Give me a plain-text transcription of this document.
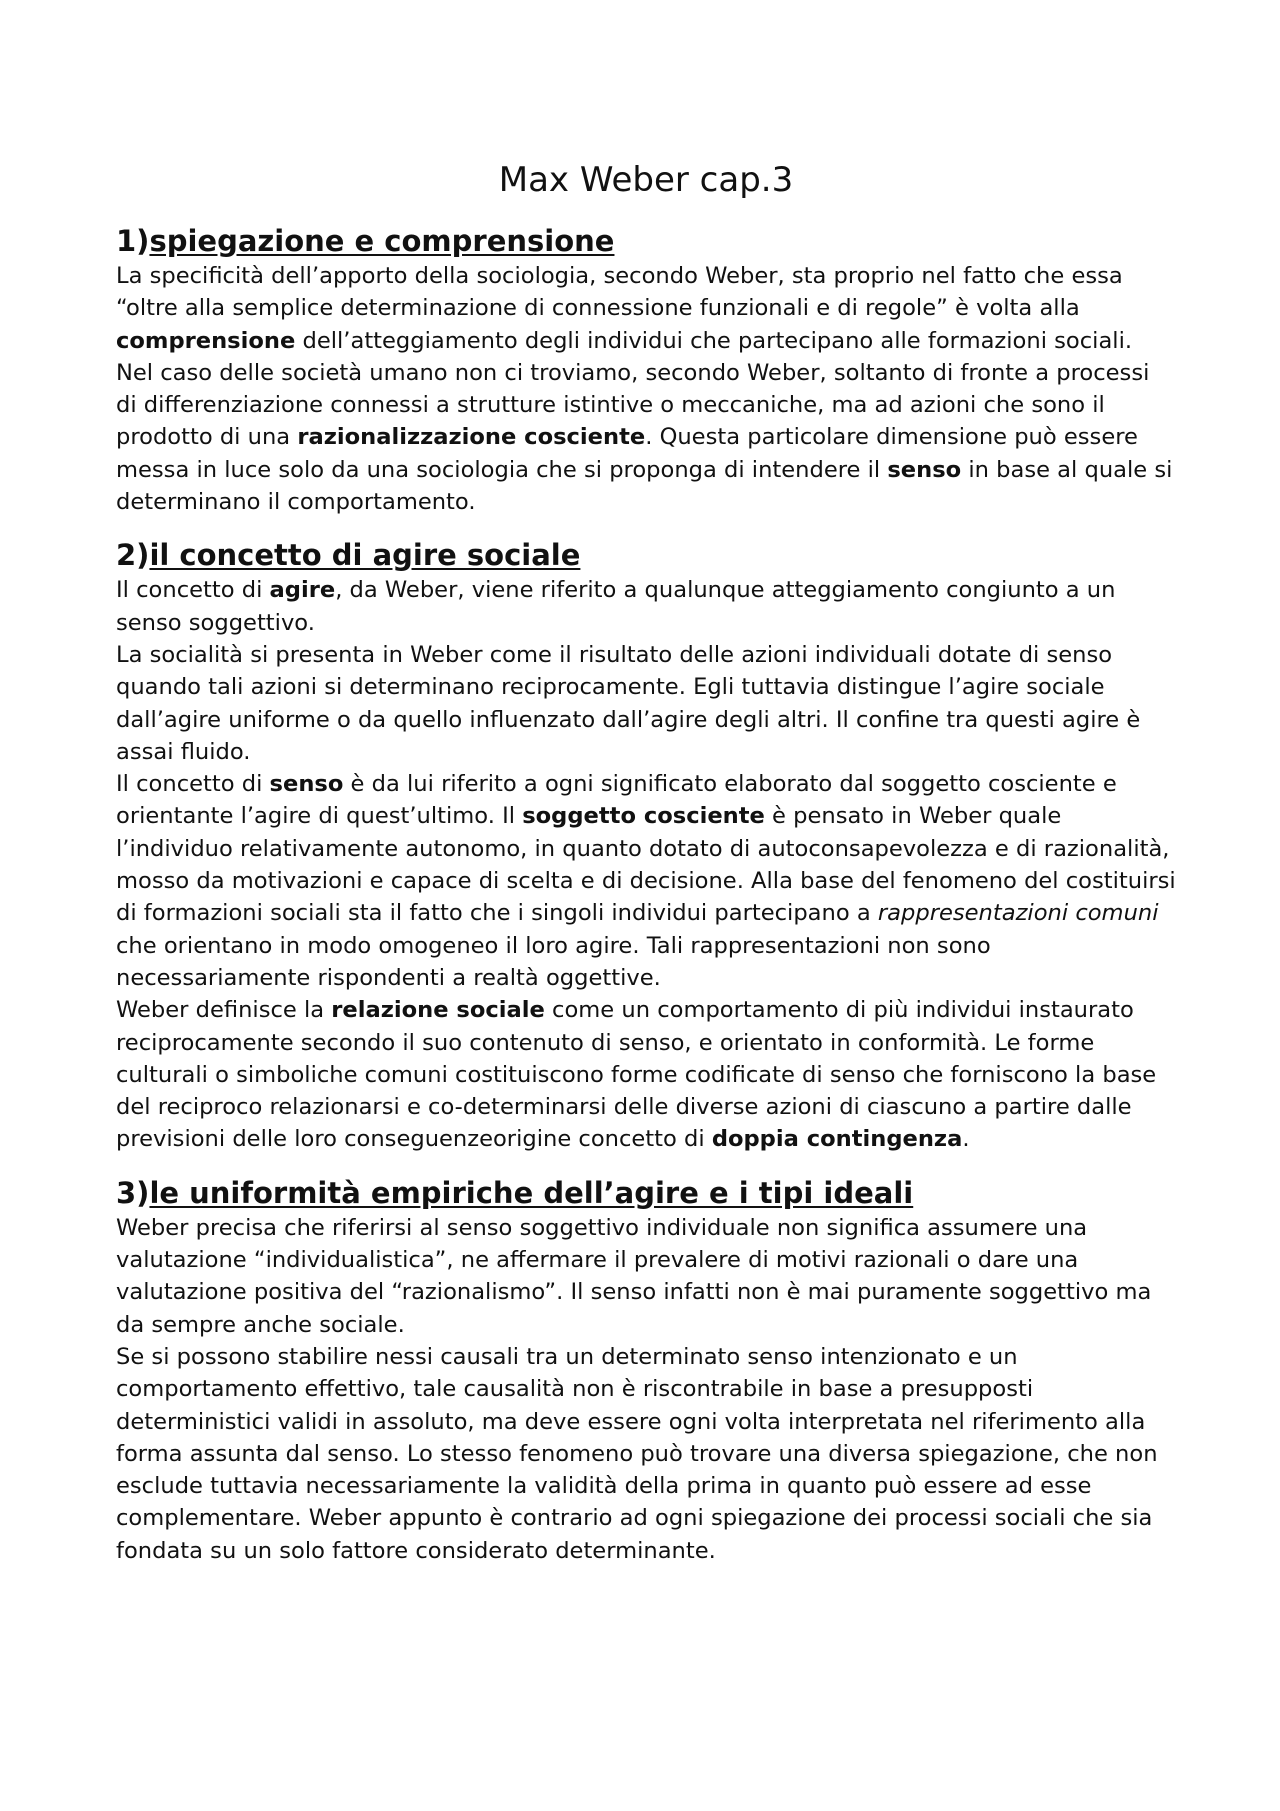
Max Weber cap.3
1)spiegazione e comprensione

La specificità dell’apporto della sociologia, secondo Weber, sta proprio nel fatto che essa “oltre alla semplice determinazione di connessione funzionali e di regole” è volta alla comprensione dell’atteggiamento degli individui che partecipano alle formazioni sociali.

Nel caso delle società umano non ci troviamo, secondo Weber, soltanto di fronte a processi di differenziazione connessi a strutture istintive o meccaniche, ma ad azioni che sono il prodotto di una razionalizzazione cosciente. Questa particolare dimensione può essere messa in luce solo da una sociologia che si proponga di intendere il senso in base al quale si determinano il comportamento.

2)il concetto di agire sociale

Il concetto di agire, da Weber, viene riferito a qualunque atteggiamento congiunto a un senso soggettivo.

La socialità si presenta in Weber come il risultato delle azioni individuali dotate di senso quando tali azioni si determinano reciprocamente. Egli tuttavia distingue l’agire sociale dall’agire uniforme o da quello influenzato dall’agire degli altri. Il confine tra questi agire è assai fluido.

Il concetto di senso è da lui riferito a ogni significato elaborato dal soggetto cosciente e orientante l’agire di quest’ultimo. Il soggetto cosciente è pensato in Weber quale l’individuo relativamente autonomo, in quanto dotato di autoconsapevolezza e di razionalità, mosso da motivazioni e capace di scelta e di decisione. Alla base del fenomeno del costituirsi di formazioni sociali sta il fatto che i singoli individui partecipano a rappresentazioni comuni che orientano in modo omogeneo il loro agire. Tali rappresentazioni non sono necessariamente rispondenti a realtà oggettive.

Weber definisce la relazione sociale come un comportamento di più individui instaurato reciprocamente secondo il suo contenuto di senso, e orientato in conformità. Le forme culturali o simboliche comuni costituiscono forme codificate di senso che forniscono la base del reciproco relazionarsi e co-determinarsi delle diverse azioni di ciascuno a partire dalle previsioni delle loro conseguenzeorigine concetto di doppia contingenza.

3)le uniformità empiriche dell’agire e i tipi ideali

Weber precisa che riferirsi al senso soggettivo individuale non significa assumere una valutazione “individualistica”, ne affermare il prevalere di motivi razionali o dare una valutazione positiva del “razionalismo”. Il senso infatti non è mai puramente soggettivo ma da sempre anche sociale.

Se si possono stabilire nessi causali tra un determinato senso intenzionato e un comportamento effettivo, tale causalità non è riscontrabile in base a presupposti deterministici validi in assoluto, ma deve essere ogni volta interpretata nel riferimento alla forma assunta dal senso. Lo stesso fenomeno può trovare una diversa spiegazione, che non esclude tuttavia necessariamente la validità della prima in quanto può essere ad esse complementare. Weber appunto è contrario ad ogni spiegazione dei processi sociali che sia fondata su un solo fattore considerato determinante.
